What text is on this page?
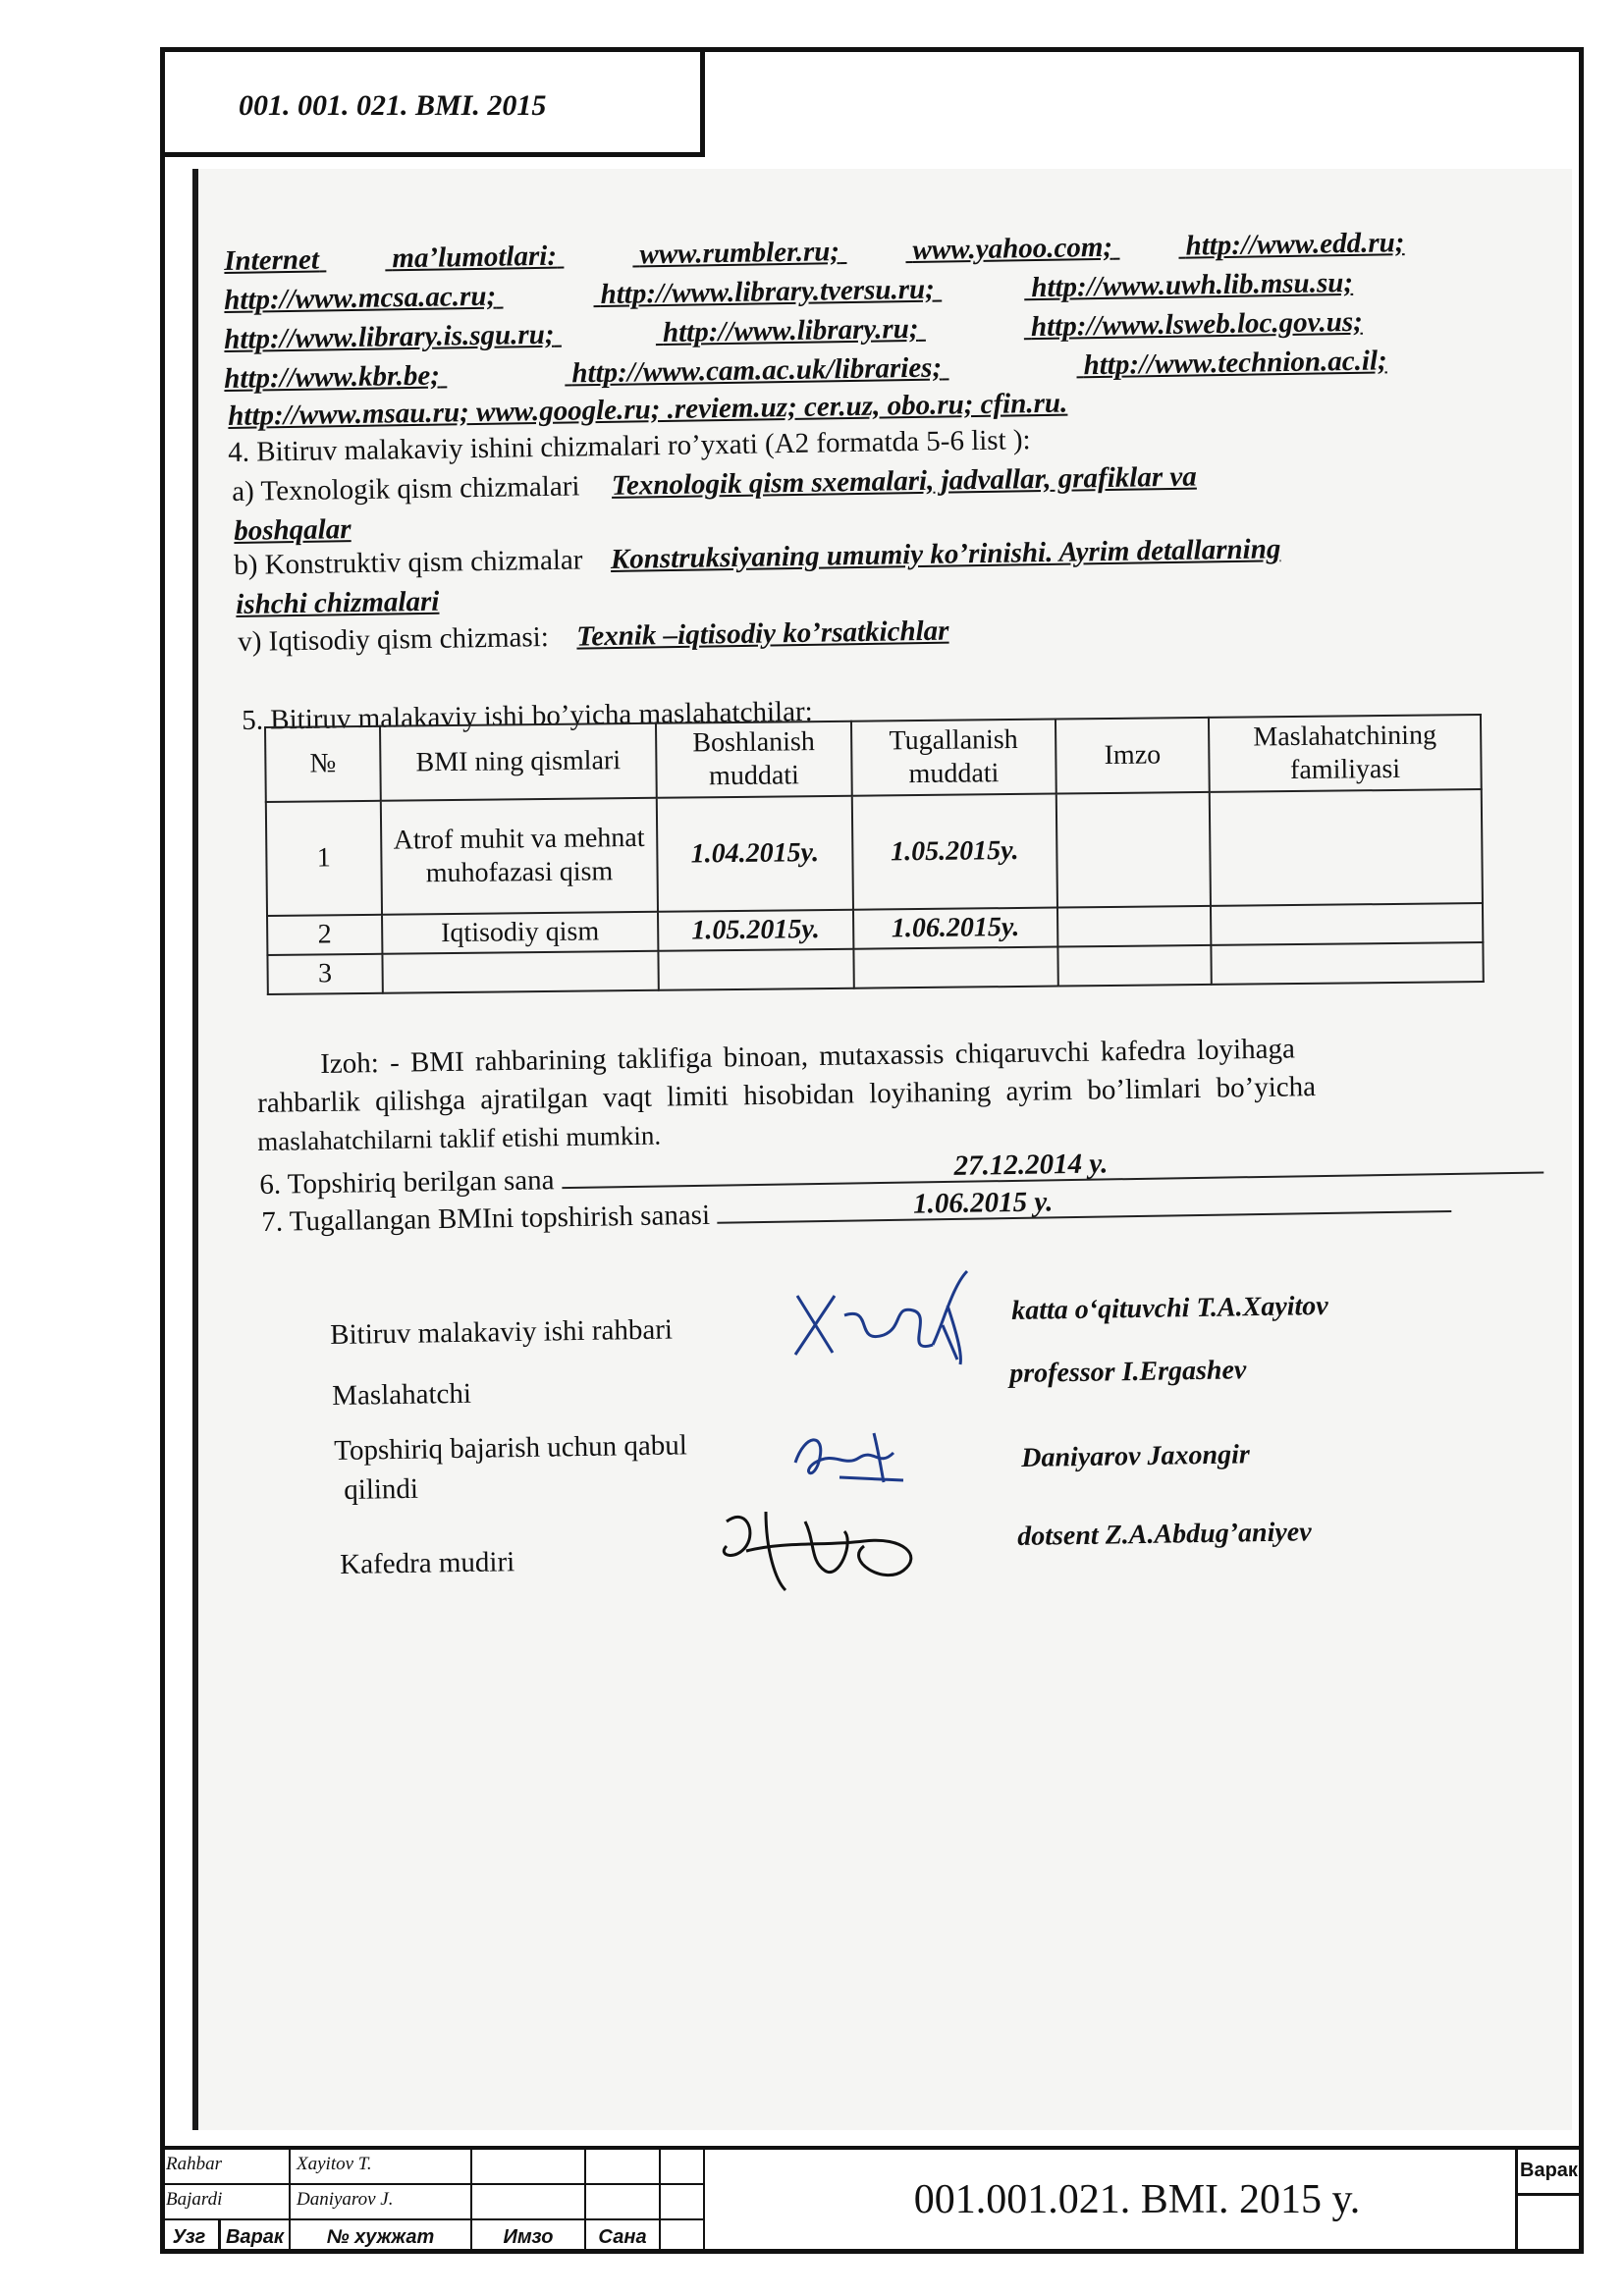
001. 001. 021. BMI. 2015
Internet	ma’lumotlari:	www.rumbler.ru;	www.yahoo.com;	http://www.edd.ru;
http://www.mcsa.ac.ru;	http://www.library.tversu.ru;	http://www.uwh.lib.msu.su;
http://www.library.is.sgu.ru;	http://www.library.ru;	http://www.lsweb.loc.gov.us;
http://www.kbr.be;	http://www.cam.ac.uk/libraries;	http://www.technion.ac.il;
http://www.msau.ru; www.google.ru; .reviem.uz; cer.uz, obo.ru; cfin.ru.
4. Bitiruv malakaviy ishini chizmalari ro’yxati (A2 formatda 5-6 list ):
a) Texnologik qism chizmalari Texnologik qism sxemalari, jadvallar, grafiklar va
boshqalar
b) Konstruktiv qism chizmalar Konstruksiyaning umumiy ko’rinishi. Ayrim detallarning
ishchi chizmalari
v) Iqtisodiy qism chizmasi: Texnik –iqtisodiy ko’rsatkichlar
5. Bitiruv malakaviy ishi bo’yicha maslahatchilar:
№	BMI ning qismlari	Boshlanish muddati	Tugallanish muddati	Imzo	Maslahatchining familiyasi
1	Atrof muhit va mehnat muhofazasi qism	1.04.2015y.	1.05.2015y.		
2	Iqtisodiy qism	1.05.2015y.	1.06.2015y.		
3					
Izoh: - BMI rahbarining taklifiga binoan, mutaxassis chiqaruvchi kafedra loyihaga
rahbarlik qilishga ajratilgan vaqt limiti hisobidan loyihaning ayrim bo’limlari bo’yicha
maslahatchilarni taklif etishi mumkin.
6. Topshiriq berilgan sana	27.12.2014 y.
7. Tugallangan BMIni topshirish sanasi	1.06.2015 y.
Bitiruv malakaviy ishi rahbari
katta o‘qituvchi T.A.Xayitov
Maslahatchi
professor I.Ergashev
Topshiriq bajarish uchun qabul
qilindi
Daniyarov Jaxongir
Kafedra mudiri
dotsent Z.A.Abdug’aniyev
Rahbar	Xayitov T.
Bajardi	Daniyarov J.
Узг	Варак	№ хужжат	Имзо	Сана
001.001.021. BMI. 2015 y.
Варак
